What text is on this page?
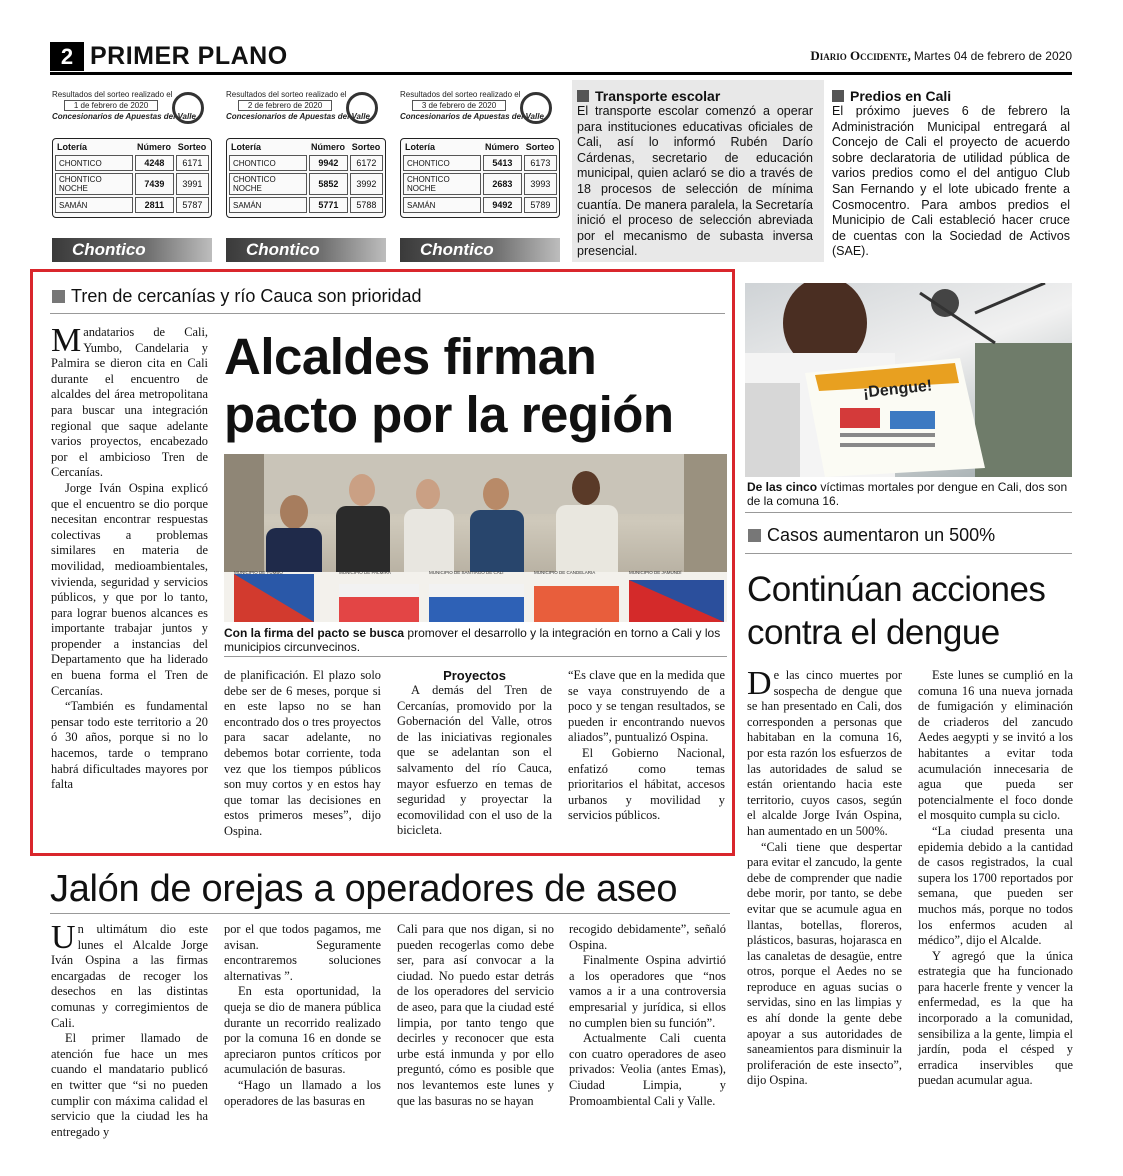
2 PRIMER PLANO	Diario Occidente, Martes 04 de febrero de 2020
Resultados del sorteo realizado el
1 de febrero de 2020
Concesionarios de Apuestas del Valle
Lotería	Número	Sorteo
CHONTICO	4248	6171
CHONTICO NOCHE	7439	3991
SAMÁN	2811	5787
Chontico
Resultados del sorteo realizado el
2 de febrero de 2020
Concesionarios de Apuestas del Valle
Lotería	Número	Sorteo
CHONTICO	9942	6172
CHONTICO NOCHE	5852	3992
SAMÁN	5771	5788
Chontico
Resultados del sorteo realizado el
3 de febrero de 2020
Concesionarios de Apuestas del Valle
Lotería	Número	Sorteo
CHONTICO	5413	6173
CHONTICO NOCHE	2683	3993
SAMÁN	9492	5789
Chontico
Transporte escolar
El transporte escolar comenzó a operar para instituciones educativas oficiales de Cali, así lo informó Rubén Darío Cárdenas, secretario de educación municipal, quien aclaró se dio a través de 18 procesos de selección de mínima cuantía. De manera paralela, la Secretaría inició el proceso de selección abreviada por el mecanismo de subasta inversa presencial.
Predios en Cali
El próximo jueves 6 de febrero la Administración Municipal entregará al Concejo de Cali el proyecto de acuerdo sobre declaratoria de utilidad pública de varios predios como el del antiguo Club San Fernando y el lote ubicado frente a Cosmocentro. Para ambos predios el Municipio de Cali estableció hacer cruce de cuentas con la Sociedad de Activos (SAE).
Tren de cercanías y río Cauca son prioridad

Mandatarios de Cali, Yumbo, Candelaria y Palmira se dieron cita en Cali durante el encuentro de alcaldes del área metropolitana para buscar una integración regional que saque adelante varios proyectos, encabezado por el ambicioso Tren de Cercanías.

Jorge Iván Ospina explicó que el encuentro se dio porque necesitan encontrar respuestas colectivas a problemas similares en materia de movilidad, medioambientales, vivienda, seguridad y servicios públicos, y que por lo tanto, para lograr buenos alcances es importante trabajar juntos y propender a instancias del Departamento que ha liderado en buena forma el Tren de Cercanías.

“También es fundamental pensar todo este territorio a 20 ó 30 años, porque si no lo hacemos, tarde o temprano habrá dificultades mayores por falta

Alcaldes firman pacto por la región
MUNICIPIO DE YUMBO	MUNICIPIO DE PALMIRA	MUNICIPIO DE SANTIAGO DE CALI	MUNICIPIO DE CANDELARIA	MUNICIPIO DE JAMUNDÍ
Con la firma del pacto se busca promover el desarrollo y la integración en torno a Cali y los municipios circunvecinos.

de planificación. El plazo solo debe ser de 6 meses, porque si en este lapso no se han encontrado dos o tres proyectos para sacar adelante, no debemos botar corriente, toda vez que los tiempos públicos son muy cortos y en estos hay que tomar las decisiones en estos primeros meses”, dijo Ospina.

Proyectos

A demás del Tren de Cercanías, promovido por la Gobernación del Valle, otros de las iniciativas regionales que se adelantan son el salvamento del río Cauca, mayor esfuerzo en temas de seguridad y proyectar la ecomovilidad con el uso de la bicicleta.

“Es clave que en la medida que se vaya construyendo de a poco y se tengan resultados, se pueden ir encontrando nuevos aliados”, puntualizó Ospina.

El Gobierno Nacional, enfatizó como temas prioritarios el hábitat, accesos urbanos y movilidad y servicios públicos.

¡Dengue!
De las cinco víctimas mortales por dengue en Cali, dos son de la comuna 16.
Casos aumentaron un 500%
Continúan acciones contra el dengue

De las cinco muertes por sospecha de dengue que se han presentado en Cali, dos corresponden a personas que habitaban en la comuna 16, por esta razón los esfuerzos de las autoridades de salud se están orientando hacia este territorio, cuyos casos, según el alcalde Jorge Iván Ospina, han aumentado en un 500%.

“Cali tiene que despertar para evitar el zancudo, la gente debe de comprender que nadie debe morir, por tanto, se debe evitar que se acumule agua en llantas, botellas, floreros, plásticos, basuras, hojarasca en las canaletas de desagüe, entre otros, porque el Aedes no se reproduce en aguas sucias o servidas, sino en las limpias y es ahí donde la gente debe apoyar a sus autoridades de saneamientos para disminuir la proliferación de este insecto”, dijo Ospina.

Este lunes se cumplió en la comuna 16 una nueva jornada de fumigación y eliminación de criaderos del zancudo Aedes aegypti y se invitó a los habitantes a evitar toda acumulación innecesaria de agua que pueda ser potencialmente el foco donde el mosquito cumpla su ciclo.

“La ciudad presenta una epidemia debido a la cantidad de casos registrados, la cual supera los 1700 reportados por semana, que pueden ser muchos más, porque no todos los enfermos acuden al médico”, dijo el Alcalde.

Y agregó que la única estrategia que ha funcionado para hacerle frente y vencer la enfermedad, es la que ha incorporado a la comunidad, sensibiliza a la gente, limpia el jardín, poda el césped y erradica inservibles que puedan acumular agua.

Jalón de orejas a operadores de aseo

Un ultimátum dio este lunes el Alcalde Jorge Iván Ospina a las firmas encargadas de recoger los desechos en las distintas comunas y corregimientos de Cali.

El primer llamado de atención fue hace un mes cuando el mandatario publicó en twitter que “si no pueden cumplir con máxima calidad el servicio que la ciudad les ha entregado y

por el que todos pagamos, me avisan. Seguramente encontraremos soluciones alternativas ”.

En esta oportunidad, la queja se dio de manera pública durante un recorrido realizado por la comuna 16 en donde se apreciaron puntos críticos por acumulación de basuras.

“Hago un llamado a los operadores de las basuras en

Cali para que nos digan, si no pueden recogerlas como debe ser, para así convocar a la ciudad. No puedo estar detrás de los operadores del servicio de aseo, para que la ciudad esté limpia, por tanto tengo que decirles y reconocer que esta urbe está inmunda y por ello preguntó, cómo es posible que nos levantemos este lunes y que las basuras no se hayan

recogido debidamente”, señaló Ospina.

Finalmente Ospina advirtió a los operadores que “nos vamos a ir a una controversia empresarial y jurídica, si ellos no cumplen bien su función”.

Actualmente Cali cuenta con cuatro operadores de aseo privados: Veolia (antes Emas), Ciudad Limpia, y Promoambiental Cali y Valle.
